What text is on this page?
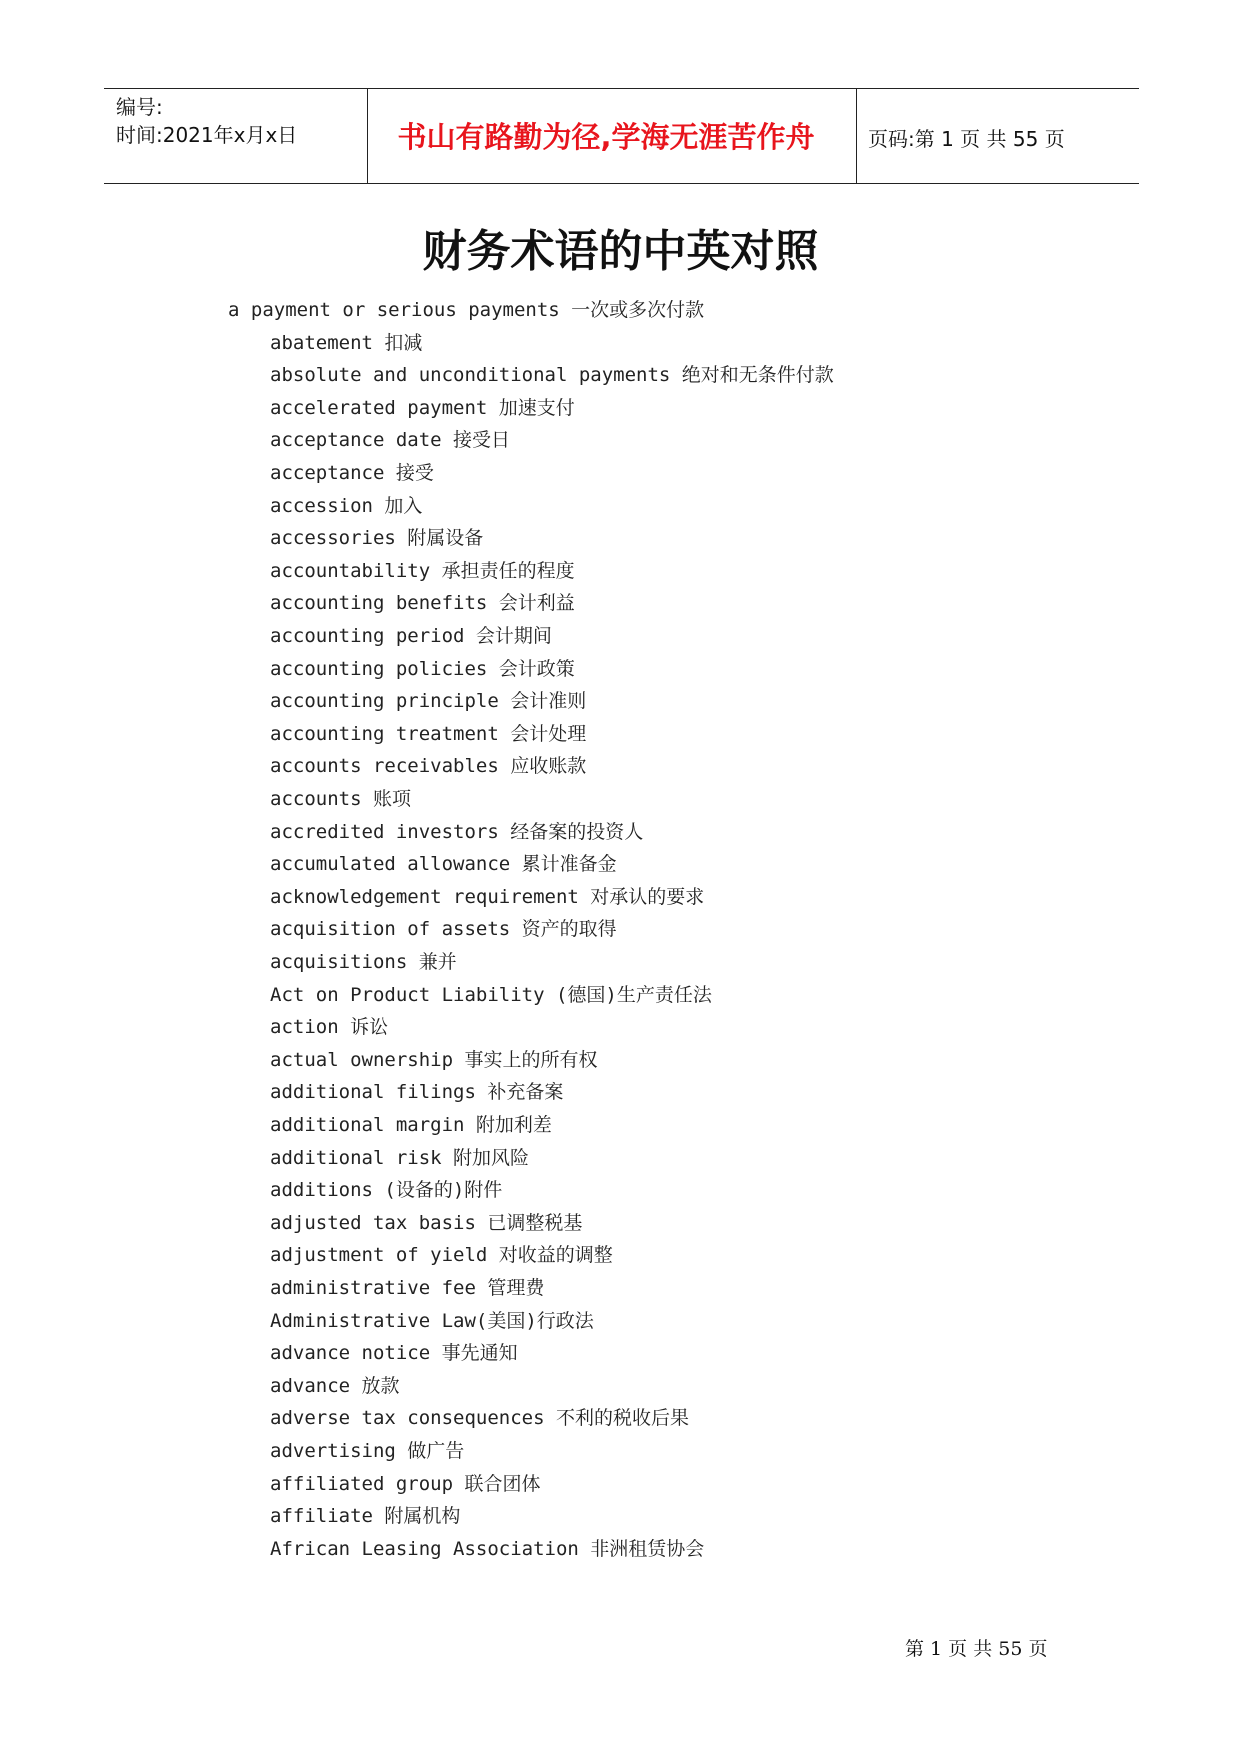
编号:
时间:2021年x月x日	书山有路勤为径,学海无涯苦作舟	页码:第 1 页 共 55 页
财务术语的中英对照
a payment or serious payments 一次或多次付款
abatement 扣减
absolute and unconditional payments 绝对和无条件付款
accelerated payment 加速支付
acceptance date 接受日
acceptance 接受
accession 加入
accessories 附属设备
accountability 承担责任的程度
accounting benefits 会计利益
accounting period 会计期间
accounting policies 会计政策
accounting principle 会计准则
accounting treatment 会计处理
accounts receivables 应收账款
accounts 账项
accredited investors 经备案的投资人
accumulated allowance 累计准备金
acknowledgement requirement 对承认的要求
acquisition of assets 资产的取得
acquisitions 兼并
Act on Product Liability (德国)生产责任法
action 诉讼
actual ownership 事实上的所有权
additional filings 补充备案
additional margin 附加利差
additional risk 附加风险
additions (设备的)附件
adjusted tax basis 已调整税基
adjustment of yield 对收益的调整
administrative fee 管理费
Administrative Law(美国)行政法
advance notice 事先通知
advance 放款
adverse tax consequences 不利的税收后果
advertising 做广告
affiliated group 联合团体
affiliate 附属机构
African Leasing Association 非洲租赁协会
第 1 页 共 55 页
